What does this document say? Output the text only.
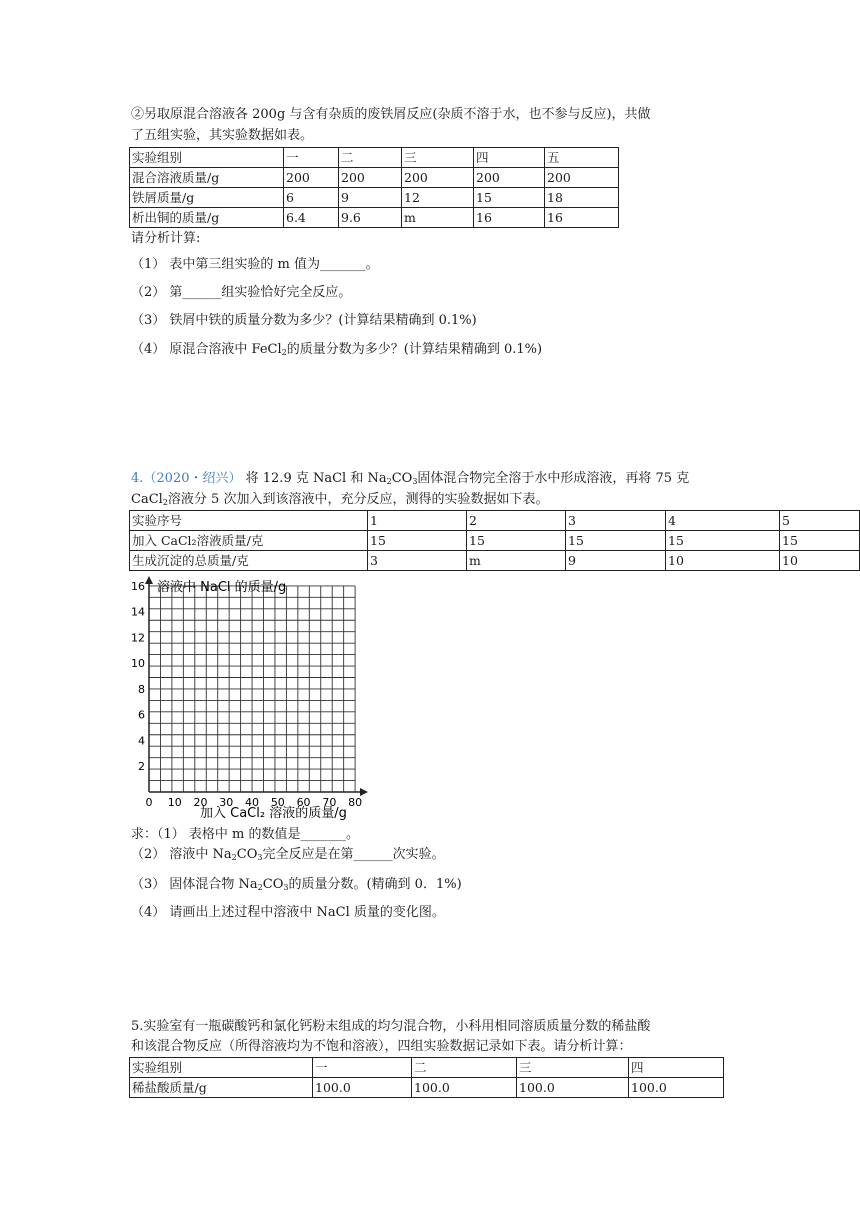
②另取原混合溶液各 200g 与含有杂质的废铁屑反应(杂质不溶于水，也不参与反应)，共做
了五组实验，其实验数据如表。
实验组别	一	二	三	四	五
混合溶液质量/g	200	200	200	200	200
铁屑质量/g	6	9	12	15	18
析出铜的质量/g	6.4	9.6	m	16	16
请分析计算:
（1） 表中第三组实验的 m 值为_______。
（2） 第______组实验恰好完全反应。
（3） 铁屑中铁的质量分数为多少？(计算结果精确到 0.1%)
（4） 原混合溶液中 FeCl$_2$的质量分数为多少？(计算结果精确到 0.1%)
4.（2020・绍兴） 将 12.9 克 NaCl 和 $Na_2CO_3$固体混合物完全溶于水中形成溶液，再将 75 克
CaCl$_2$溶液分 5 次加入到该溶液中，充分反应，测得的实验数据如下表。
实验序号	1	2	3	4	5
加入 CaCl₂溶液质量/克	15	15	15	15	15
生成沉淀的总质量/克	3	m	9	10	10
溶液中 NaCl 的质量/g
16
14
12
10
8
6
4
2
0 10 20 30 40 50 60 70 80
加入 CaCl₂ 溶液的质量/g
求：（1） 表格中 m 的数值是_______。
（2） 溶液中 $Na_2CO_3$完全反应是在第______次实验。
（3） 固体混合物 $Na_2CO_3$的质量分数。(精确到 0．1%)
（4） 请画出上述过程中溶液中 NaCl 质量的变化图。
5.实验室有一瓶碳酸钙和氯化钙粉末组成的均匀混合物，小科用相同溶质质量分数的稀盐酸
和该混合物反应（所得溶液均为不饱和溶液），四组实验数据记录如下表。请分析计算：
实验组别	一	二	三	四
稀盐酸质量/g	100.0	100.0	100.0	100.0
